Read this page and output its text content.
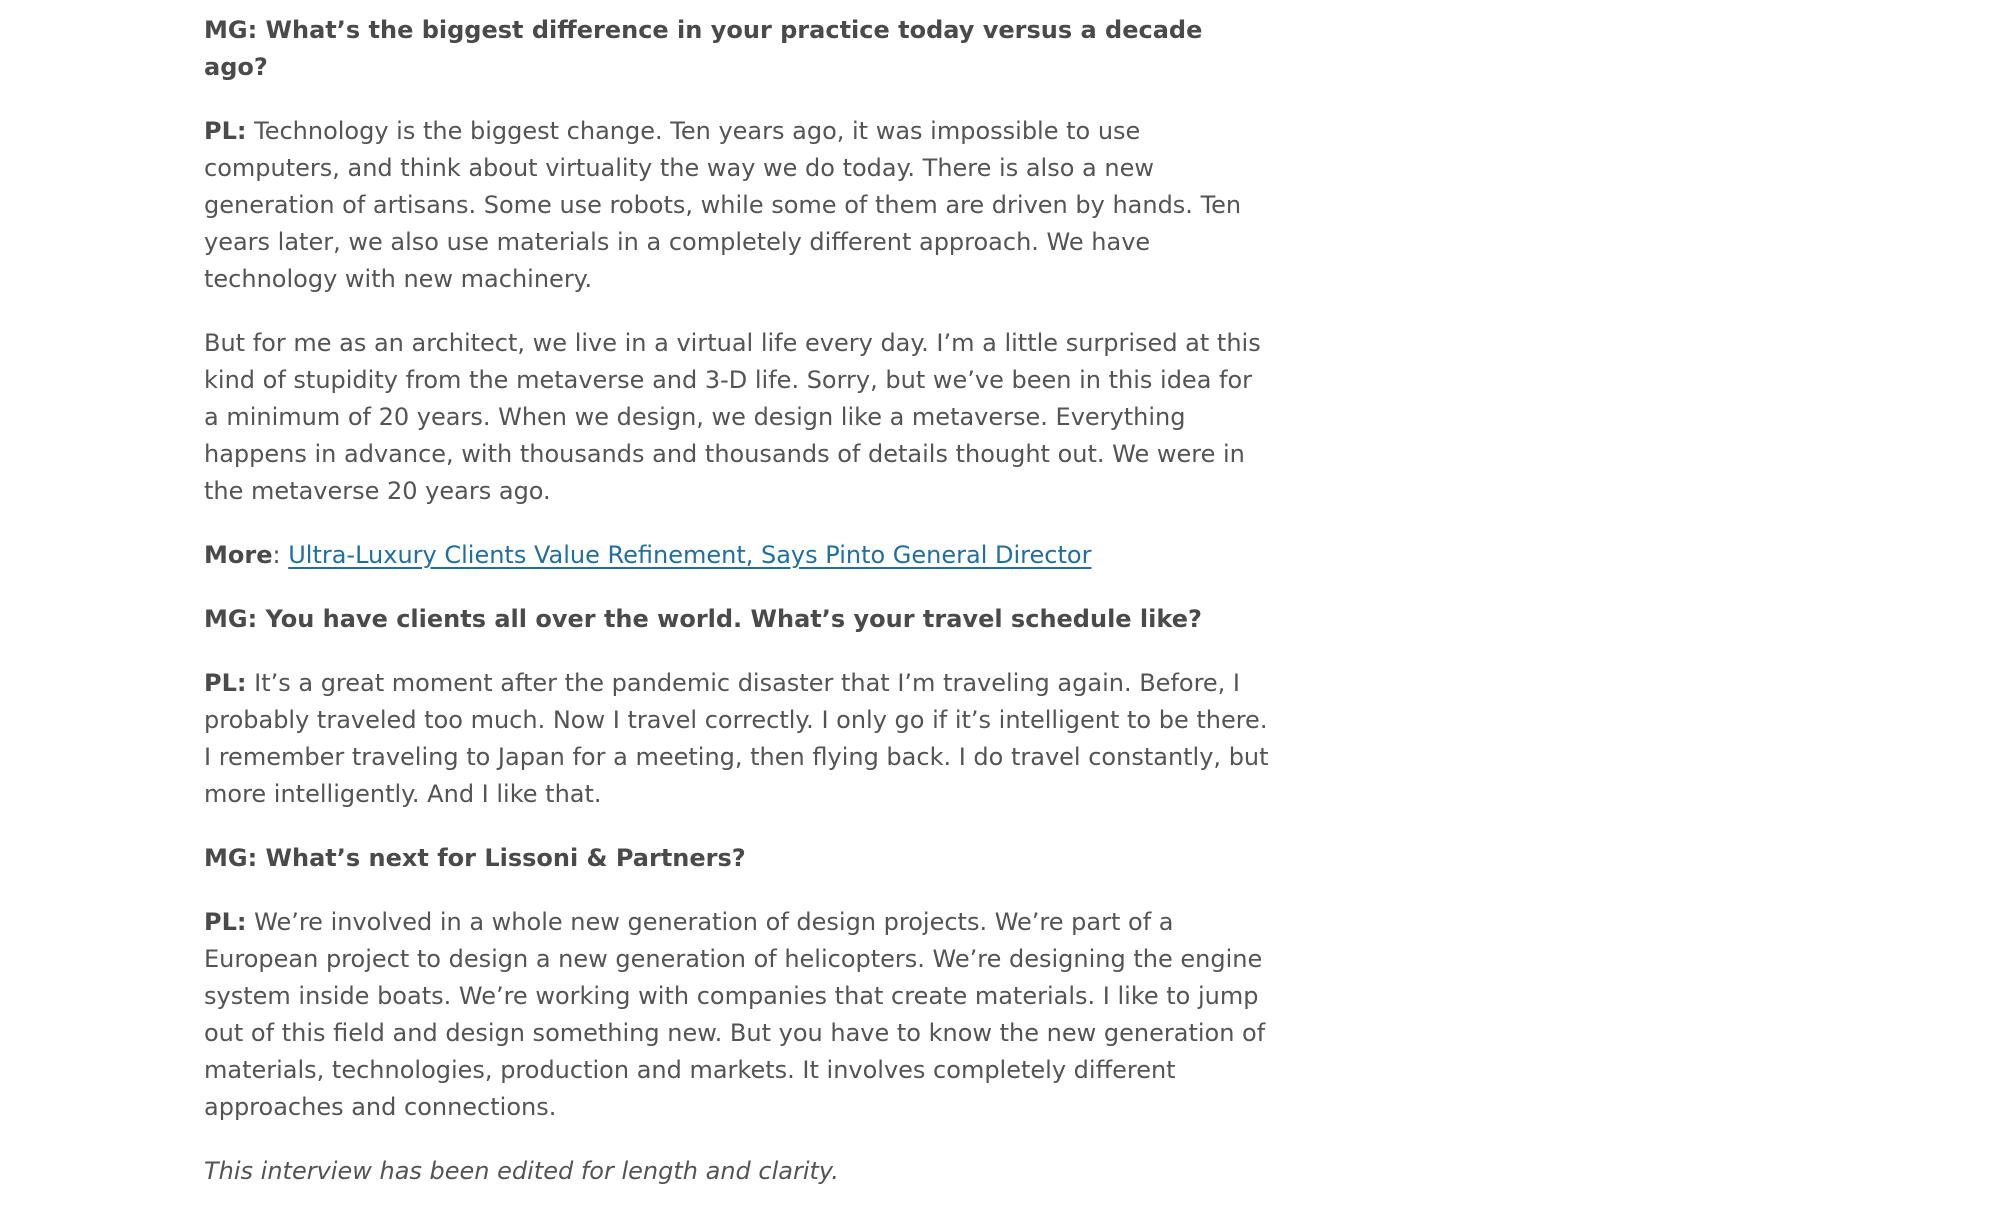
MG: What’s the biggest difference in your practice today versus a decade ago?

PL: Technology is the biggest change. Ten years ago, it was impossible to use computers, and think about virtuality the way we do today. There is also a new generation of artisans. Some use robots, while some of them are driven by hands. Ten years later, we also use materials in a completely different approach. We have technology with new machinery.

But for me as an architect, we live in a virtual life every day. I’m a little surprised at this kind of stupidity from the metaverse and 3-D life. Sorry, but we’ve been in this idea for a minimum of 20 years. When we design, we design like a metaverse. Everything happens in advance, with thousands and thousands of details thought out. We were in the metaverse 20 years ago.

More: Ultra-Luxury Clients Value Refinement, Says Pinto General Director

MG: You have clients all over the world. What’s your travel schedule like?

PL: It’s a great moment after the pandemic disaster that I’m traveling again. Before, I probably traveled too much. Now I travel correctly. I only go if it’s intelligent to be there. I remember traveling to Japan for a meeting, then flying back. I do travel constantly, but more intelligently. And I like that.

MG: What’s next for Lissoni & Partners?

PL: We’re involved in a whole new generation of design projects. We’re part of a European project to design a new generation of helicopters. We’re designing the engine system inside boats. We’re working with companies that create materials. I like to jump out of this field and design something new. But you have to know the new generation of materials, technologies, production and markets. It involves completely different approaches and connections.

This interview has been edited for length and clarity.
